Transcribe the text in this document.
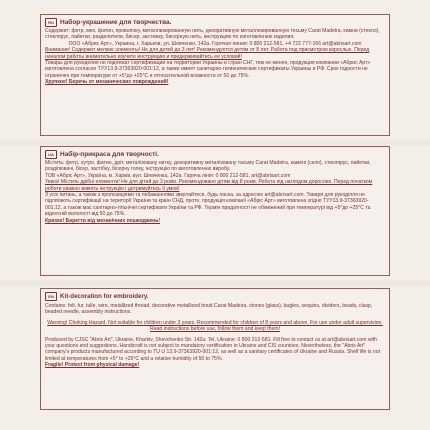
RU Набор-украшение для творчества.

Содержит: фетр, мех, фатин, проволоку, металлизированную нить, декоративную металлизированную тесьму Carat Madeira, камни (стекло), стеклярус, пайетки, разделители, бисер, застежку, бисерную нить, инструкцию по изготовлению изделия.

ООО «Абрис Арт», Украина, г. Харьков, ул. Шевченко, 142а. Горячая линия: 0 800 212-581, +4 722 777-166 art@abrisart.com

Внимание! Содержит мелкие элементы! Не для детей до 3 лет! Рекомендуется детям от 8 лет. Работа под присмотром взрослых. Перед началом работы внимательно изучите инструкцию и придерживайтесь ее условий!

Товары для рукоделия не подлежат сертификации на территории Украины и стран СНГ, тем не менее, продукция компании «Абрис Арт» изготовлена согласно ТУУ13.9-37363920-001:12, а также имеет санитарно-гигиенические сертификаты Украины и РФ. Срок годности не ограничен при температуре от +5°до +25°С и относительной влажности от 50 до 75%.

Хрупкое! Беречь от механических повреждений!

UA Набір-прикраса для творчості.

Містить: фетр, хутро, фатин, дріт, металізовану нитку, декоративну металізовану тасьму Carat Madeira, камені (скло), стеклярус, пайетки, розділювачі, бісер, застібку, бісерну голку, інструкцію по виготовленню виробу.

ТОВ «Абріс Арт», Україна, м. Харків, вул. Шевченка, 142а. Гаряча лінія: 0 800 212-581, art@abrisart.com

Увага! Містить дрібні елементи! Не для дітей до 3 років. Рекомендовано дітям від 8 років. Робота під наглядом дорослих. Перед початком роботи уважно вивчіть інструкцію і дотримуйтесь її умов!

З усіх питань, а також з пропозиціями та побажаннями звертайтеся, будь ласка, за адресою art@abrisart.com. Товари для рукоділля не підлягають сертифікації на території України та країн СНД, проте, продукція компанії «Абріс Арт» виготовлена згідно ТУУ13.9-37363920-001:12, а також має санітарно-гігієнічні сертифікати України та РФ. Термін придатності не обмежений при температурі від +5°до +25°С та відносній вологості від 50 до 75%.

Крихке! Берегти від механічних пошкоджень!

EN	Kit-decoration for embroidery.

Contains: felt, fur, tulle, wire, metallized thread, decorative metallized braid Carat Madeira, stones (glass), bugles, sequins, dividers, beads, clasp, beaded needle, assembly instructions.

Warning! Choking Hazard. Not suitable for children under 3 years. Recommended for children of 8 years and above. For use under adult supervision. Read instructions before use, follow them and keep them!

Produced by CJSC "Abris Art", Ukraine, Kharkiv, Shevchenko Str. 142a. Tel. Ukraine: 0 800 212-581. Fill free to contact us at art@abrisart.com with your questions and suggestions. Handicraft is not subject to mandatory certification in Ukraine and CIS countries. Nevertheless, the "Abris Art" company's products manufactured according to TU U 13.9-37363920-001:12, as well as a sanitary certificates of Ukraine and Russia. Shelf life is not limited at temperatures from +5° to +25°C and a relative humidity of 50 to 75%.

Fragile! Protect from physical damage!
